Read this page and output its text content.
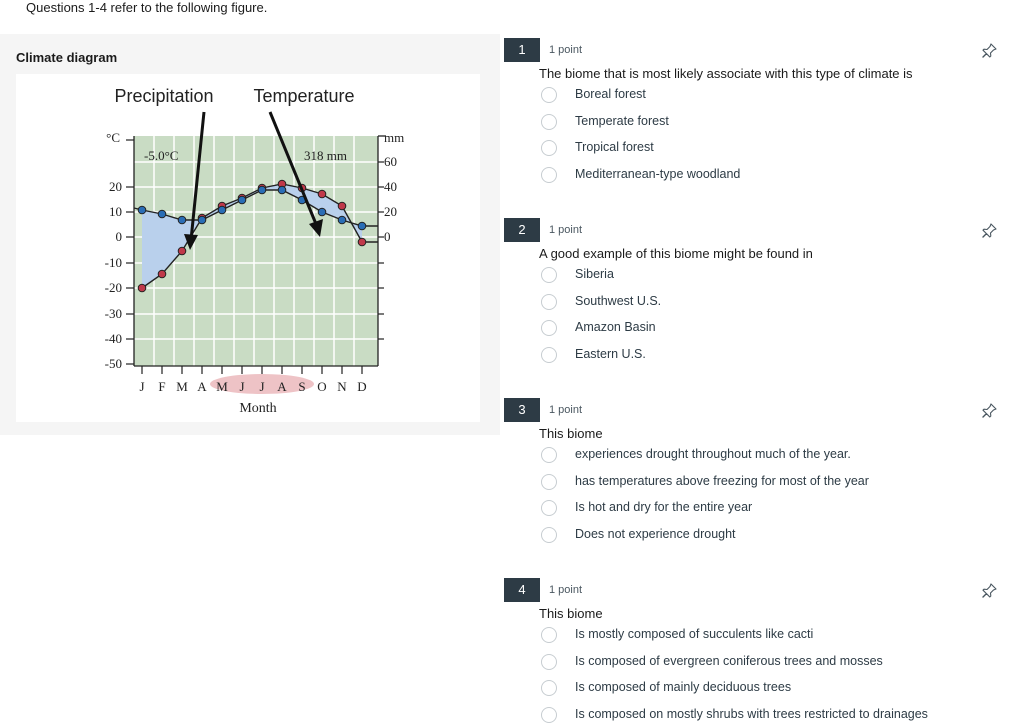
Questions 1-4 refer to the following figure.
Climate diagram
Precipitation Temperature
°C	mm
-5.0°C	318 mm
20
10
0
-10
-20
-30
-40
-50
60
40
20
0
J F M A M J J A S O N D
Month
1	1 point
The biome that is most likely associate with this type of climate is
Boreal forest
Temperate forest
Tropical forest
Mediterranean-type woodland
2	1 point
A good example of this biome might be found in
Siberia
Southwest U.S.
Amazon Basin
Eastern U.S.
3	1 point
This biome
experiences drought throughout much of the year.
has temperatures above freezing for most of the year
Is hot and dry for the entire year
Does not experience drought
4	1 point
This biome
Is mostly composed of succulents like cacti
Is composed of evergreen coniferous trees and mosses
Is composed of mainly deciduous trees
Is composed on mostly shrubs with trees restricted to drainages
